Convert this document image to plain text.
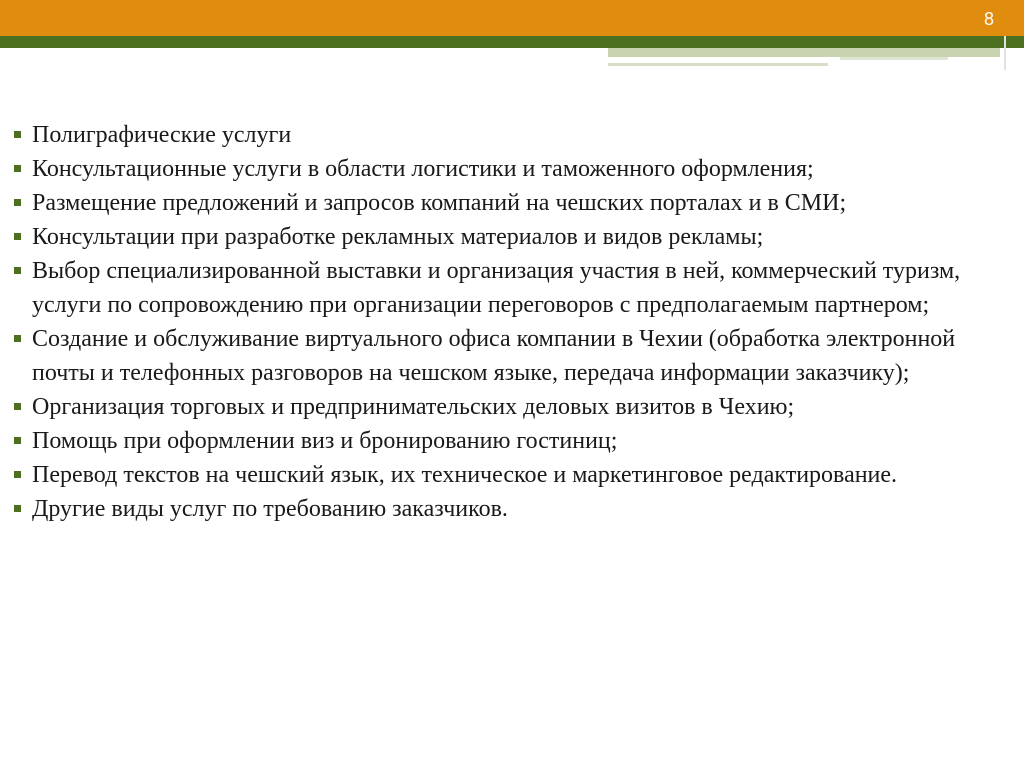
8
Полиграфические услуги
Консультационные услуги в области логистики и таможенного оформления;
Размещение предложений и запросов компаний на чешских порталах и в СМИ;
Консультации при разработке рекламных материалов и видов рекламы;
Выбор специализированной выставки и организация участия в ней, коммерческий туризм, услуги по сопровождению при организации переговоров с предполагаемым партнером;
Создание и обслуживание виртуального офиса компании в Чехии (обработка электронной почты и телефонных разговоров на чешском языке, передача информации заказчику);
Организация торговых и предпринимательских деловых визитов в Чехию;
Помощь при оформлении виз и бронированию гостиниц;
Перевод текстов на чешский язык, их техническое и маркетинговое редактирование.
Другие виды услуг по требованию заказчиков.
